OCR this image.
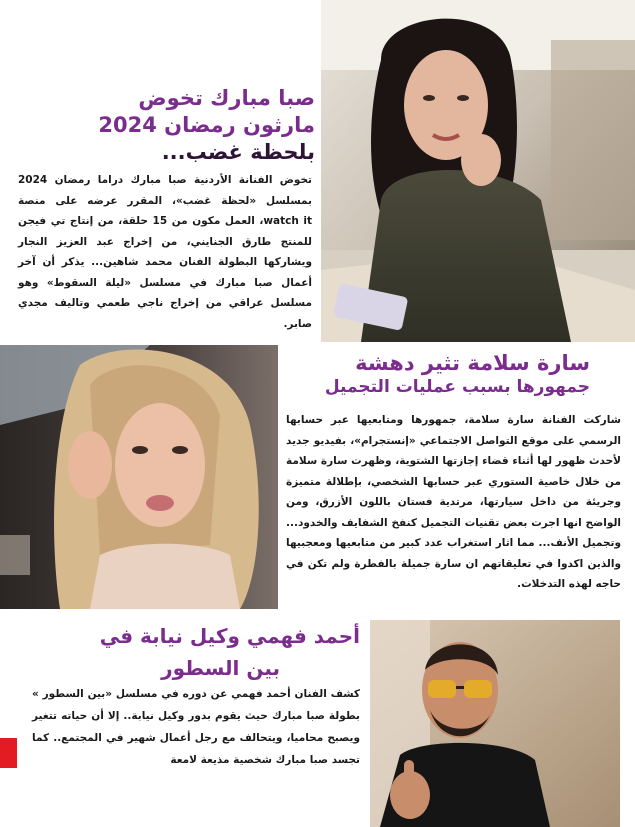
صبا مبارك تخوض
مارثون رمضان 2024
بلحظة غضب...
تخوض الفنانة الأردنية صبا مبارك دراما رمضان 2024 بمسلسل «لحظة غضب»، المقرر عرضه على منصة watch it، العمل مكون من 15 حلقة، من إنتاج تي فيجن للمنتج طارق الجنايني، من إخراج عبد العزيز النجار ويشاركها البطولة الفنان محمد شاهين... يذكر أن آخر أعمال صبا مبارك في مسلسل «ليلة السقوط» وهو مسلسل عراقي من إخراج ناجي طعمي وتاليف مجدي صابر.
سارة سلامة تثير دهشة
جمهورها بسبب عمليات التجميل
شاركت الفنانة سارة سلامة، جمهورها ومتابعيها عبر حسابها الرسمي على موقع التواصل الاجتماعي «إنستجرام»، بفيديو جديد لأحدث ظهور لها أثناء قضاء إجازتها الشتوية، وظهرت سارة سلامة من خلال خاصية الستوري عبر حسابها الشخصي، بإطلالة متميزة وجريئة من داخل سيارتها، مرتدية فستان باللون الأزرق، ومن الواضح انها اجرت بعض تقنيات التجميل كنفخ الشفايف والخدود... وتجميل الأنف... مما اثار استغراب عدد كبير من متابعيها ومعجبيها والذين اكدوا في تعليقاتهم ان سارة جميلة بالفطرة ولم تكن في حاجه لهذه التدخلات.
أحمد فهمي وكيل نيابة في
بين السطور
كشف الفنان أحمد فهمي عن دوره في مسلسل «بين السطور » بطولة صبا مبارك حيث يقوم بدور وكيل نيابة.. إلا أن حياته تتغير ويصبح محاميا، ويتحالف مع رجل أعمال شهير في المجتمع.. كما تجسد صبا مبارك شخصية مذيعة لامعة
